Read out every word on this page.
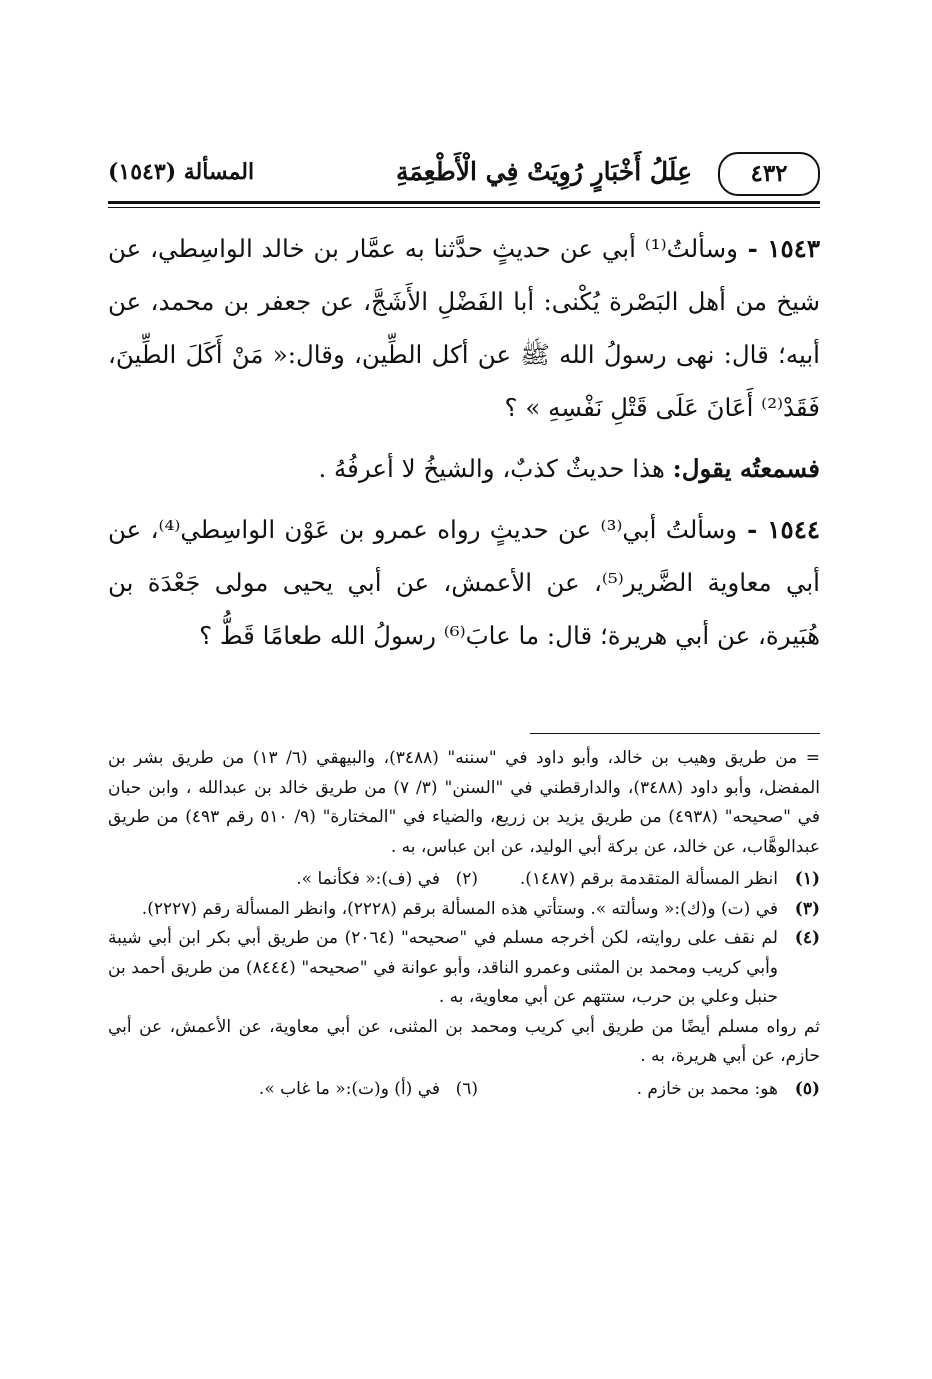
٤٣٢
عِلَلُ أَخْبَارٍ رُوِيَتْ فِي الْأَطْعِمَةِ
المسألة (١٥٤٣)

١٥٤٣ - وسألتُ⁽¹⁾ أبي عن حديثٍ حدَّثنا به عمَّار بن خالد الواسِطي، عن شيخ من أهل البَصْرة يُكْنى: أبا الفَضْلِ الأَشَجَّ، عن جعفر بن محمد، عن أبيه؛ قال: نهى رسولُ الله ﷺ عن أكل الطِّين، وقال:« مَنْ أَكَلَ الطِّينَ، فَقَدْ⁽²⁾ أَعَانَ عَلَى قَتْلِ نَفْسِهِ » ؟

فسمعتُه يقول: هذا حديثٌ كذبٌ، والشيخُ لا أعرفُهُ .

١٥٤٤ - وسألتُ أبي⁽³⁾ عن حديثٍ رواه عمرو بن عَوْن الواسِطي⁽⁴⁾، عن أبي معاوية الضَّرير⁽⁵⁾، عن الأعمش، عن أبي يحيى مولى جَعْدَة بن هُبَيرة، عن أبي هريرة؛ قال: ما عابَ⁽⁶⁾ رسولُ الله طعامًا قَطُّ ؟

= من طريق وهيب بن خالد، وأبو داود في "سننه" (٣٤٨٨)، والبيهقي (٦/ ١٣) من طريق بشر بن المفضل، وأبو داود (٣٤٨٨)، والدارقطني في "السنن" (٣/ ٧) من طريق خالد بن عبدالله ، وابن حبان في "صحيحه" (٤٩٣٨) من طريق يزيد بن زريع، والضياء في "المختارة" (٩/ ٥١٠ رقم ٤٩٣) من طريق عبدالوهَّاب، عن خالد، عن بركة أبي الوليد، عن ابن عباس، به .

(١)
انظر المسألة المتقدمة برقم (١٤٨٧).
(٢)
في (ف):« فكأنما ».
(٣)
في (ت) و(ك):« وسألته ». وستأتي هذه المسألة برقم (٢٢٢٨)، وانظر المسألة رقم (٢٢٢٧).
(٤)
لم نقف على روايته، لكن أخرجه مسلم في "صحيحه" (٢٠٦٤) من طريق أبي بكر ابن أبي شيبة وأبي كريب ومحمد بن المثنى وعمرو الناقد، وأبو عوانة في "صحيحه" (٨٤٤٤) من طريق أحمد بن حنبل وعلي بن حرب، ستتهم عن أبي معاوية، به .

ثم رواه مسلم أيضًا من طريق أبي كريب ومحمد بن المثنى، عن أبي معاوية، عن الأعمش، عن أبي حازم، عن أبي هريرة، به .

(٥)
هو: محمد بن خازم .
(٦)
في (أ) و(ت):« ما غاب ».
